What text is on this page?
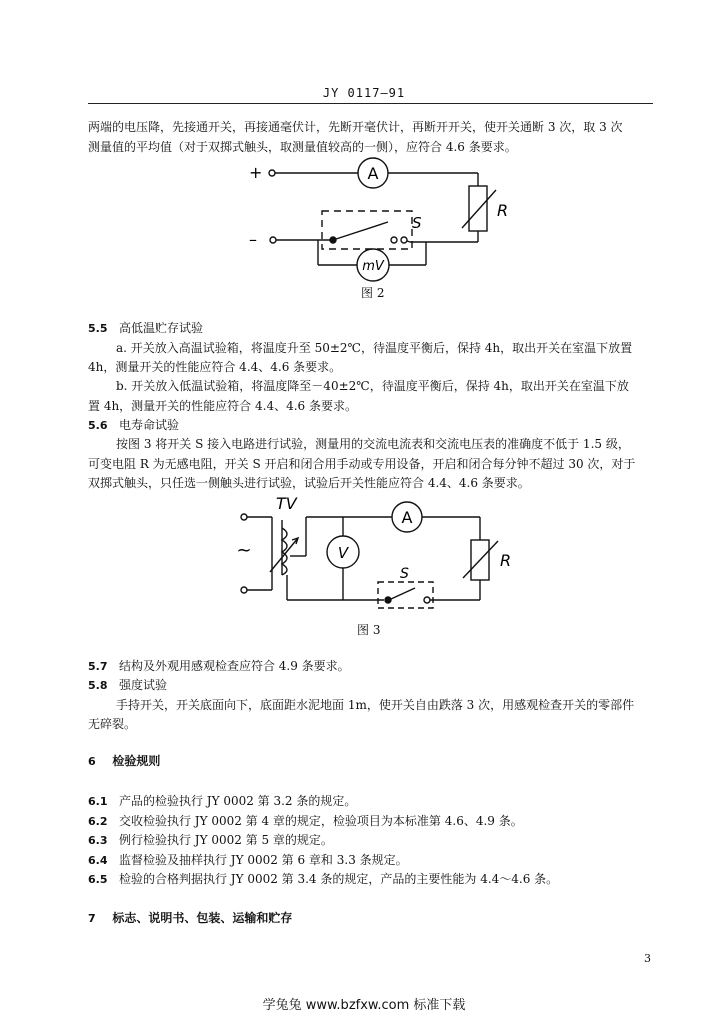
JY 0117—91
两端的电压降，先接通开关，再接通毫伏计，先断开毫伏计，再断开开关，使开关通断 3 次，取 3 次
测量值的平均值（对于双掷式触头，取测量值较高的一侧），应符合 4.6 条要求。
+
–
A
R
S
mV
图 2
5.5 高低温贮存试验
a. 开关放入高温试验箱，将温度升至 50±2℃，待温度平衡后，保持 4h，取出开关在室温下放置
4h，测量开关的性能应符合 4.4、4.6 条要求。
b. 开关放入低温试验箱，将温度降至－40±2℃，待温度平衡后，保持 4h，取出开关在室温下放
置 4h，测量开关的性能应符合 4.4、4.6 条要求。
5.6 电寿命试验
按图 3 将开关 S 接入电路进行试验，测量用的交流电流表和交流电压表的准确度不低于 1.5 级，
可变电阻 R 为无感电阻，开关 S 开启和闭合用手动或专用设备，开启和闭合每分钟不超过 30 次，对于
双掷式触头，只任选一侧触头进行试验，试验后开关性能应符合 4.4、4.6 条要求。
TV
~	V
A
R
S
图 3
5.7 结构及外观用感观检查应符合 4.9 条要求。
5.8 强度试验
手持开关，开关底面向下，底面距水泥地面 1m，使开关自由跌落 3 次，用感观检查开关的零部件
无碎裂。
6 检验规则
6.1 产品的检验执行 JY 0002 第 3.2 条的规定。
6.2 交收检验执行 JY 0002 第 4 章的规定，检验项目为本标准第 4.6、4.9 条。
6.3 例行检验执行 JY 0002 第 5 章的规定。
6.4 监督检验及抽样执行 JY 0002 第 6 章和 3.3 条规定。
6.5 检验的合格判据执行 JY 0002 第 3.4 条的规定，产品的主要性能为 4.4～4.6 条。
7 标志、说明书、包装、运输和贮存
3
学兔兔 www.bzfxw.com 标准下载
